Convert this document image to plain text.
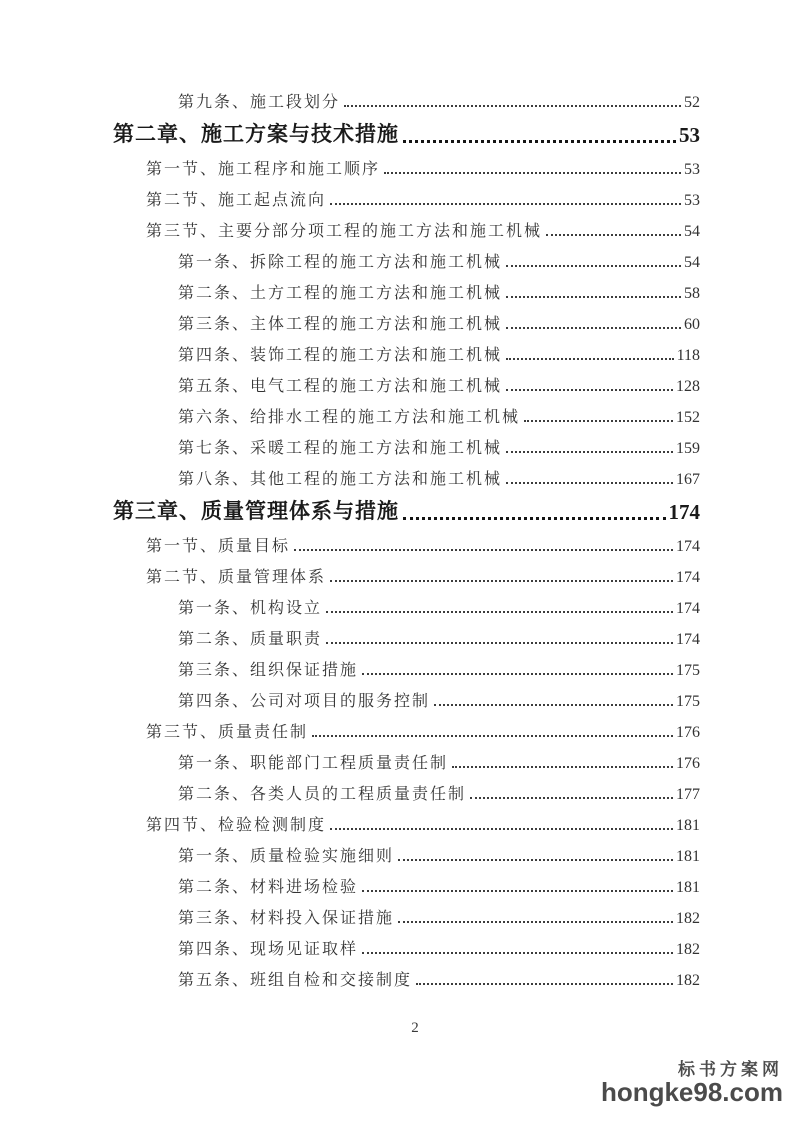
第九条、施工段划分	52
第二章、施工方案与技术措施	53
第一节、施工程序和施工顺序	53
第二节、施工起点流向	53
第三节、主要分部分项工程的施工方法和施工机械	54
第一条、拆除工程的施工方法和施工机械	54
第二条、土方工程的施工方法和施工机械	58
第三条、主体工程的施工方法和施工机械	60
第四条、装饰工程的施工方法和施工机械	118
第五条、电气工程的施工方法和施工机械	128
第六条、给排水工程的施工方法和施工机械	152
第七条、采暖工程的施工方法和施工机械	159
第八条、其他工程的施工方法和施工机械	167
第三章、质量管理体系与措施	174
第一节、质量目标	174
第二节、质量管理体系	174
第一条、机构设立	174
第二条、质量职责	174
第三条、组织保证措施	175
第四条、公司对项目的服务控制	175
第三节、质量责任制	176
第一条、职能部门工程质量责任制	176
第二条、各类人员的工程质量责任制	177
第四节、检验检测制度	181
第一条、质量检验实施细则	181
第二条、材料进场检验	181
第三条、材料投入保证措施	182
第四条、现场见证取样	182
第五条、班组自检和交接制度	182
2
标书方案网
hongke98.com
